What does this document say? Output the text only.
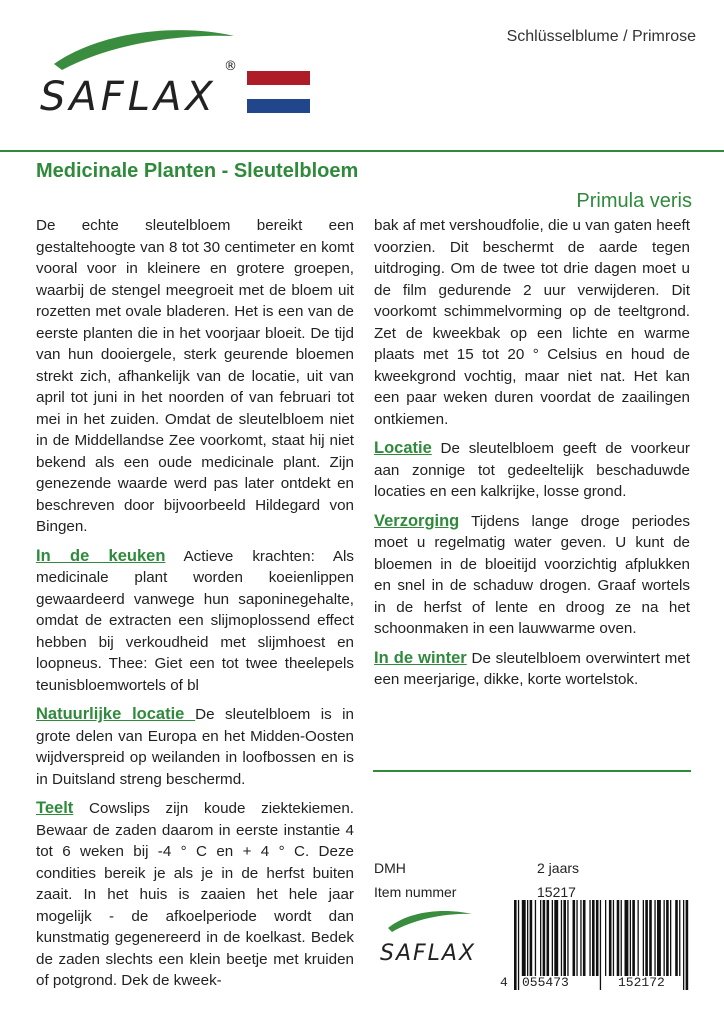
SAFLAX
®
Schlüsselblume / Primrose
Medicinale Planten - Sleutelbloem
Primula veris

De echte sleutelbloem bereikt een gestaltehoogte van 8 tot 30 centimeter en komt vooral voor in kleinere en grotere groepen, waarbij de stengel meegroeit met de bloem uit rozetten met ovale bladeren. Het is een van de eerste planten die in het voorjaar bloeit. De tijd van hun dooiergele, sterk geurende bloemen strekt zich, afhankelijk van de locatie, uit van april tot juni in het noorden of van februari tot mei in het zuiden. Omdat de sleutelbloem niet in de Middellandse Zee voorkomt, staat hij niet bekend als een oude medicinale plant. Zijn genezende waarde werd pas later ontdekt en beschreven door bijvoorbeeld Hildegard von Bingen.

In de keuken Actieve krachten: Als medicinale plant worden koeienlippen gewaardeerd vanwege hun saponinegehalte, omdat de extracten een slijmoplossend effect hebben bij verkoudheid met slijmhoest en loopneus. Thee: Giet een tot twee theelepels teunisbloemwortels of bl

Natuurlijke locatie De sleutelbloem is in grote delen van Europa en het Midden-Oosten wijdverspreid op weilanden in loofbossen en is in Duitsland streng beschermd.

Teelt Cowslips zijn koude ziektekiemen. Bewaar de zaden daarom in eerste instantie 4 tot 6 weken bij -4 ° C en + 4 ° C. Deze condities bereik je als je in de herfst buiten zaait. In het huis is zaaien het hele jaar mogelijk - de afkoelperiode wordt dan kunstmatig gegenereerd in de koelkast. Bedek de zaden slechts een klein beetje met kruiden of potgrond. Dek de kweek-

bak af met vershoudfolie, die u van gaten heeft voorzien. Dit beschermt de aarde tegen uitdroging. Om de twee tot drie dagen moet u de film gedurende 2 uur verwijderen. Dit voorkomt schimmelvorming op de teeltgrond. Zet de kweekbak op een lichte en warme plaats met 15 tot 20 ° Celsius en houd de kweekgrond vochtig, maar niet nat. Het kan een paar weken duren voordat de zaailingen ontkiemen.

Locatie De sleutelbloem geeft de voorkeur aan zonnige tot gedeeltelijk beschaduwde locaties en een kalkrijke, losse grond.

Verzorging Tijdens lange droge periodes moet u regelmatig water geven. U kunt de bloemen in de bloeitijd voorzichtig afplukken en snel in de schaduw drogen. Graaf wortels in de herfst of lente en droog ze na het schoonmaken in een lauwwarme oven.

In de winter De sleutelbloem overwintert met een meerjarige, dikke, korte wortelstok.

DMH	2 jaars
Item nummer	15217
SAFLAX
4 055473	152172
